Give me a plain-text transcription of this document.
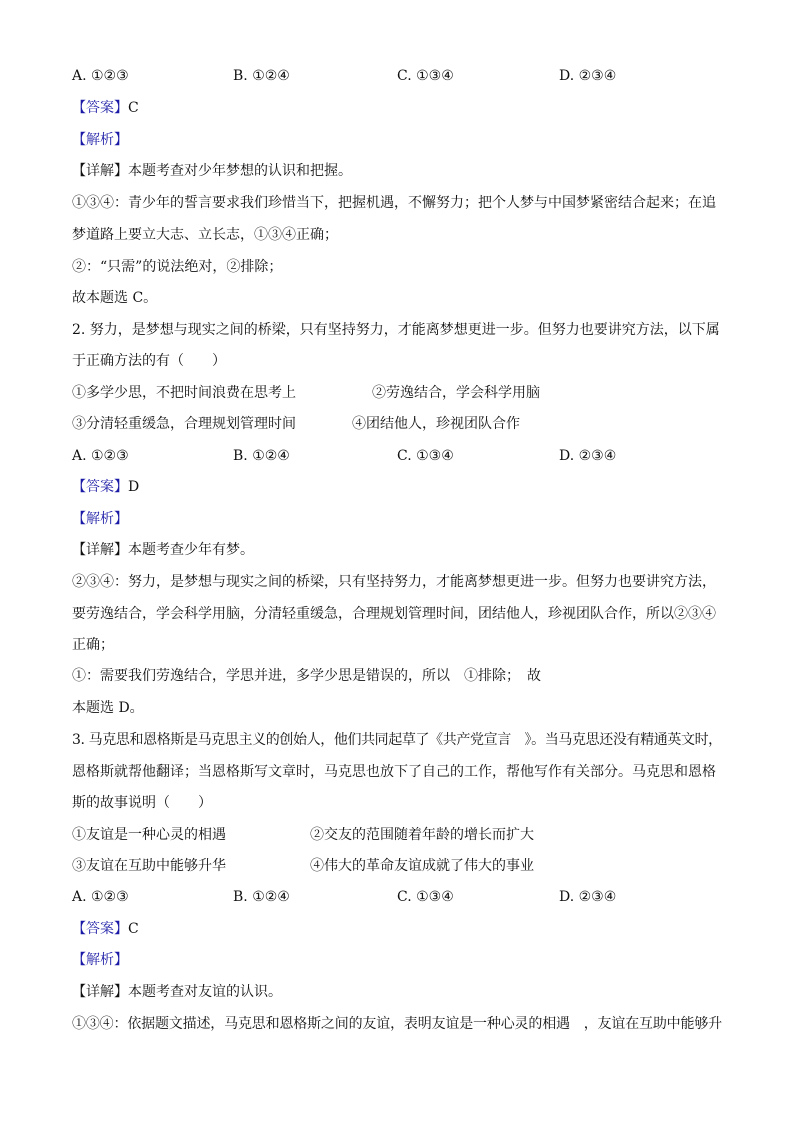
A. ①②③	B. ①②④	C. ①③④	D. ②③④
【答案】C
【解析】
【详解】本题考查对少年梦想的认识和把握。
①③④：青少年的誓言要求我们珍惜当下，把握机遇，不懈努力；把个人梦与中国梦紧密结合起来；在追
梦道路上要立大志、立长志，①③④正确；
②：“只需”的说法绝对，②排除；
故本题选 C。
2. 努力，是梦想与现实之间的桥梁，只有坚持努力，才能离梦想更进一步。但努力也要讲究方法，以下属
于正确方法的有（　　）
①多学少思，不把时间浪费在思考上	②劳逸结合，学会科学用脑
③分清轻重缓急，合理规划管理时间	④团结他人，珍视团队合作
A. ①②③	B. ①②④	C. ①③④	D. ②③④
【答案】D
【解析】
【详解】本题考查少年有梦。
②③④：努力，是梦想与现实之间的桥梁，只有坚持努力，才能离梦想更进一步。但努力也要讲究方法，
要劳逸结合，学会科学用脑，分清轻重缓急，合理规划管理时间，团结他人，珍视团队合作，所以②③④
正确；
①：需要我们劳逸结合，学思并进，多学少思是错误的，所以　①排除；　故
本题选 D。
3. 马克思和恩格斯是马克思主义的创始人，他们共同起草了《共产党宣言　》。当马克思还没有精通英文时，
恩格斯就帮他翻译；当恩格斯写文章时，马克思也放下了自己的工作，帮他写作有关部分。马克思和恩格
斯的故事说明（　　）
①友谊是一种心灵的相遇	②交友的范围随着年龄的增长而扩大
③友谊在互助中能够升华	④伟大的革命友谊成就了伟大的事业
A. ①②③	B. ①②④	C. ①③④	D. ②③④
【答案】C
【解析】
【详解】本题考查对友谊的认识。
①③④：依据题文描述，马克思和恩格斯之间的友谊，表明友谊是一种心灵的相遇　，友谊在互助中能够升
